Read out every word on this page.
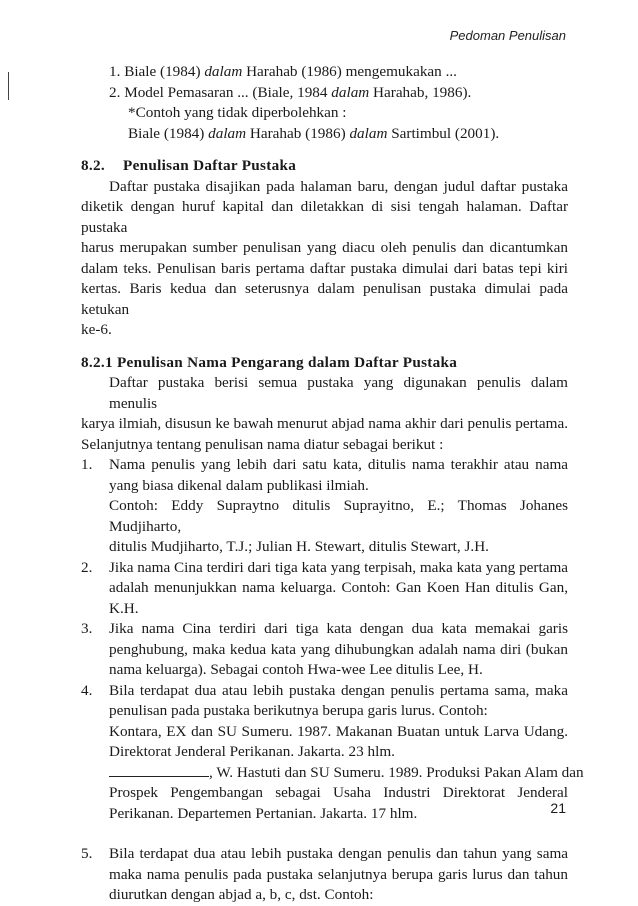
Pedoman Penulisan
1. Biale (1984) dalam Harahab (1986) mengemukakan ...
2. Model Pemasaran ... (Biale, 1984 dalam Harahab, 1986).
*Contoh yang tidak diperbolehkan :
Biale (1984) dalam Harahab (1986) dalam Sartimbul (2001).
8.2. Penulisan Daftar Pustaka
Daftar pustaka disajikan pada halaman baru, dengan judul daftar pustaka
diketik dengan huruf kapital dan diletakkan di sisi tengah halaman. Daftar pustaka
harus merupakan sumber penulisan yang diacu oleh penulis dan dicantumkan
dalam teks. Penulisan baris pertama daftar pustaka dimulai dari batas tepi kiri
kertas. Baris kedua dan seterusnya dalam penulisan pustaka dimulai pada ketukan
ke-6.
8.2.1 Penulisan Nama Pengarang dalam Daftar Pustaka
Daftar pustaka berisi semua pustaka yang digunakan penulis dalam menulis
karya ilmiah, disusun ke bawah menurut abjad nama akhir dari penulis pertama.
Selanjutnya tentang penulisan nama diatur sebagai berikut :
1. Nama penulis yang lebih dari satu kata, ditulis nama terakhir atau nama
yang biasa dikenal dalam publikasi ilmiah.
Contoh: Eddy Supraytno ditulis Suprayitno, E.; Thomas Johanes Mudjiharto,
ditulis Mudjiharto, T.J.; Julian H. Stewart, ditulis Stewart, J.H.
2. Jika nama Cina terdiri dari tiga kata yang terpisah, maka kata yang pertama
adalah menunjukkan nama keluarga. Contoh: Gan Koen Han ditulis Gan,
K.H.
3. Jika nama Cina terdiri dari tiga kata dengan dua kata memakai garis
penghubung, maka kedua kata yang dihubungkan adalah nama diri (bukan
nama keluarga). Sebagai contoh Hwa-wee Lee ditulis Lee, H.
4. Bila terdapat dua atau lebih pustaka dengan penulis pertama sama, maka
penulisan pada pustaka berikutnya berupa garis lurus. Contoh:
Kontara, EX dan SU Sumeru. 1987. Makanan Buatan untuk Larva Udang.
Direktorat Jenderal Perikanan. Jakarta. 23 hlm.
, W. Hastuti dan SU Sumeru. 1989. Produksi Pakan Alam dan
Prospek Pengembangan sebagai Usaha Industri Direktorat Jenderal
Perikanan. Departemen Pertanian. Jakarta. 17 hlm.
5. Bila terdapat dua atau lebih pustaka dengan penulis dan tahun yang sama
maka nama penulis pada pustaka selanjutnya berupa garis lurus dan tahun
diurutkan dengan abjad a, b, c, dst. Contoh:
21
